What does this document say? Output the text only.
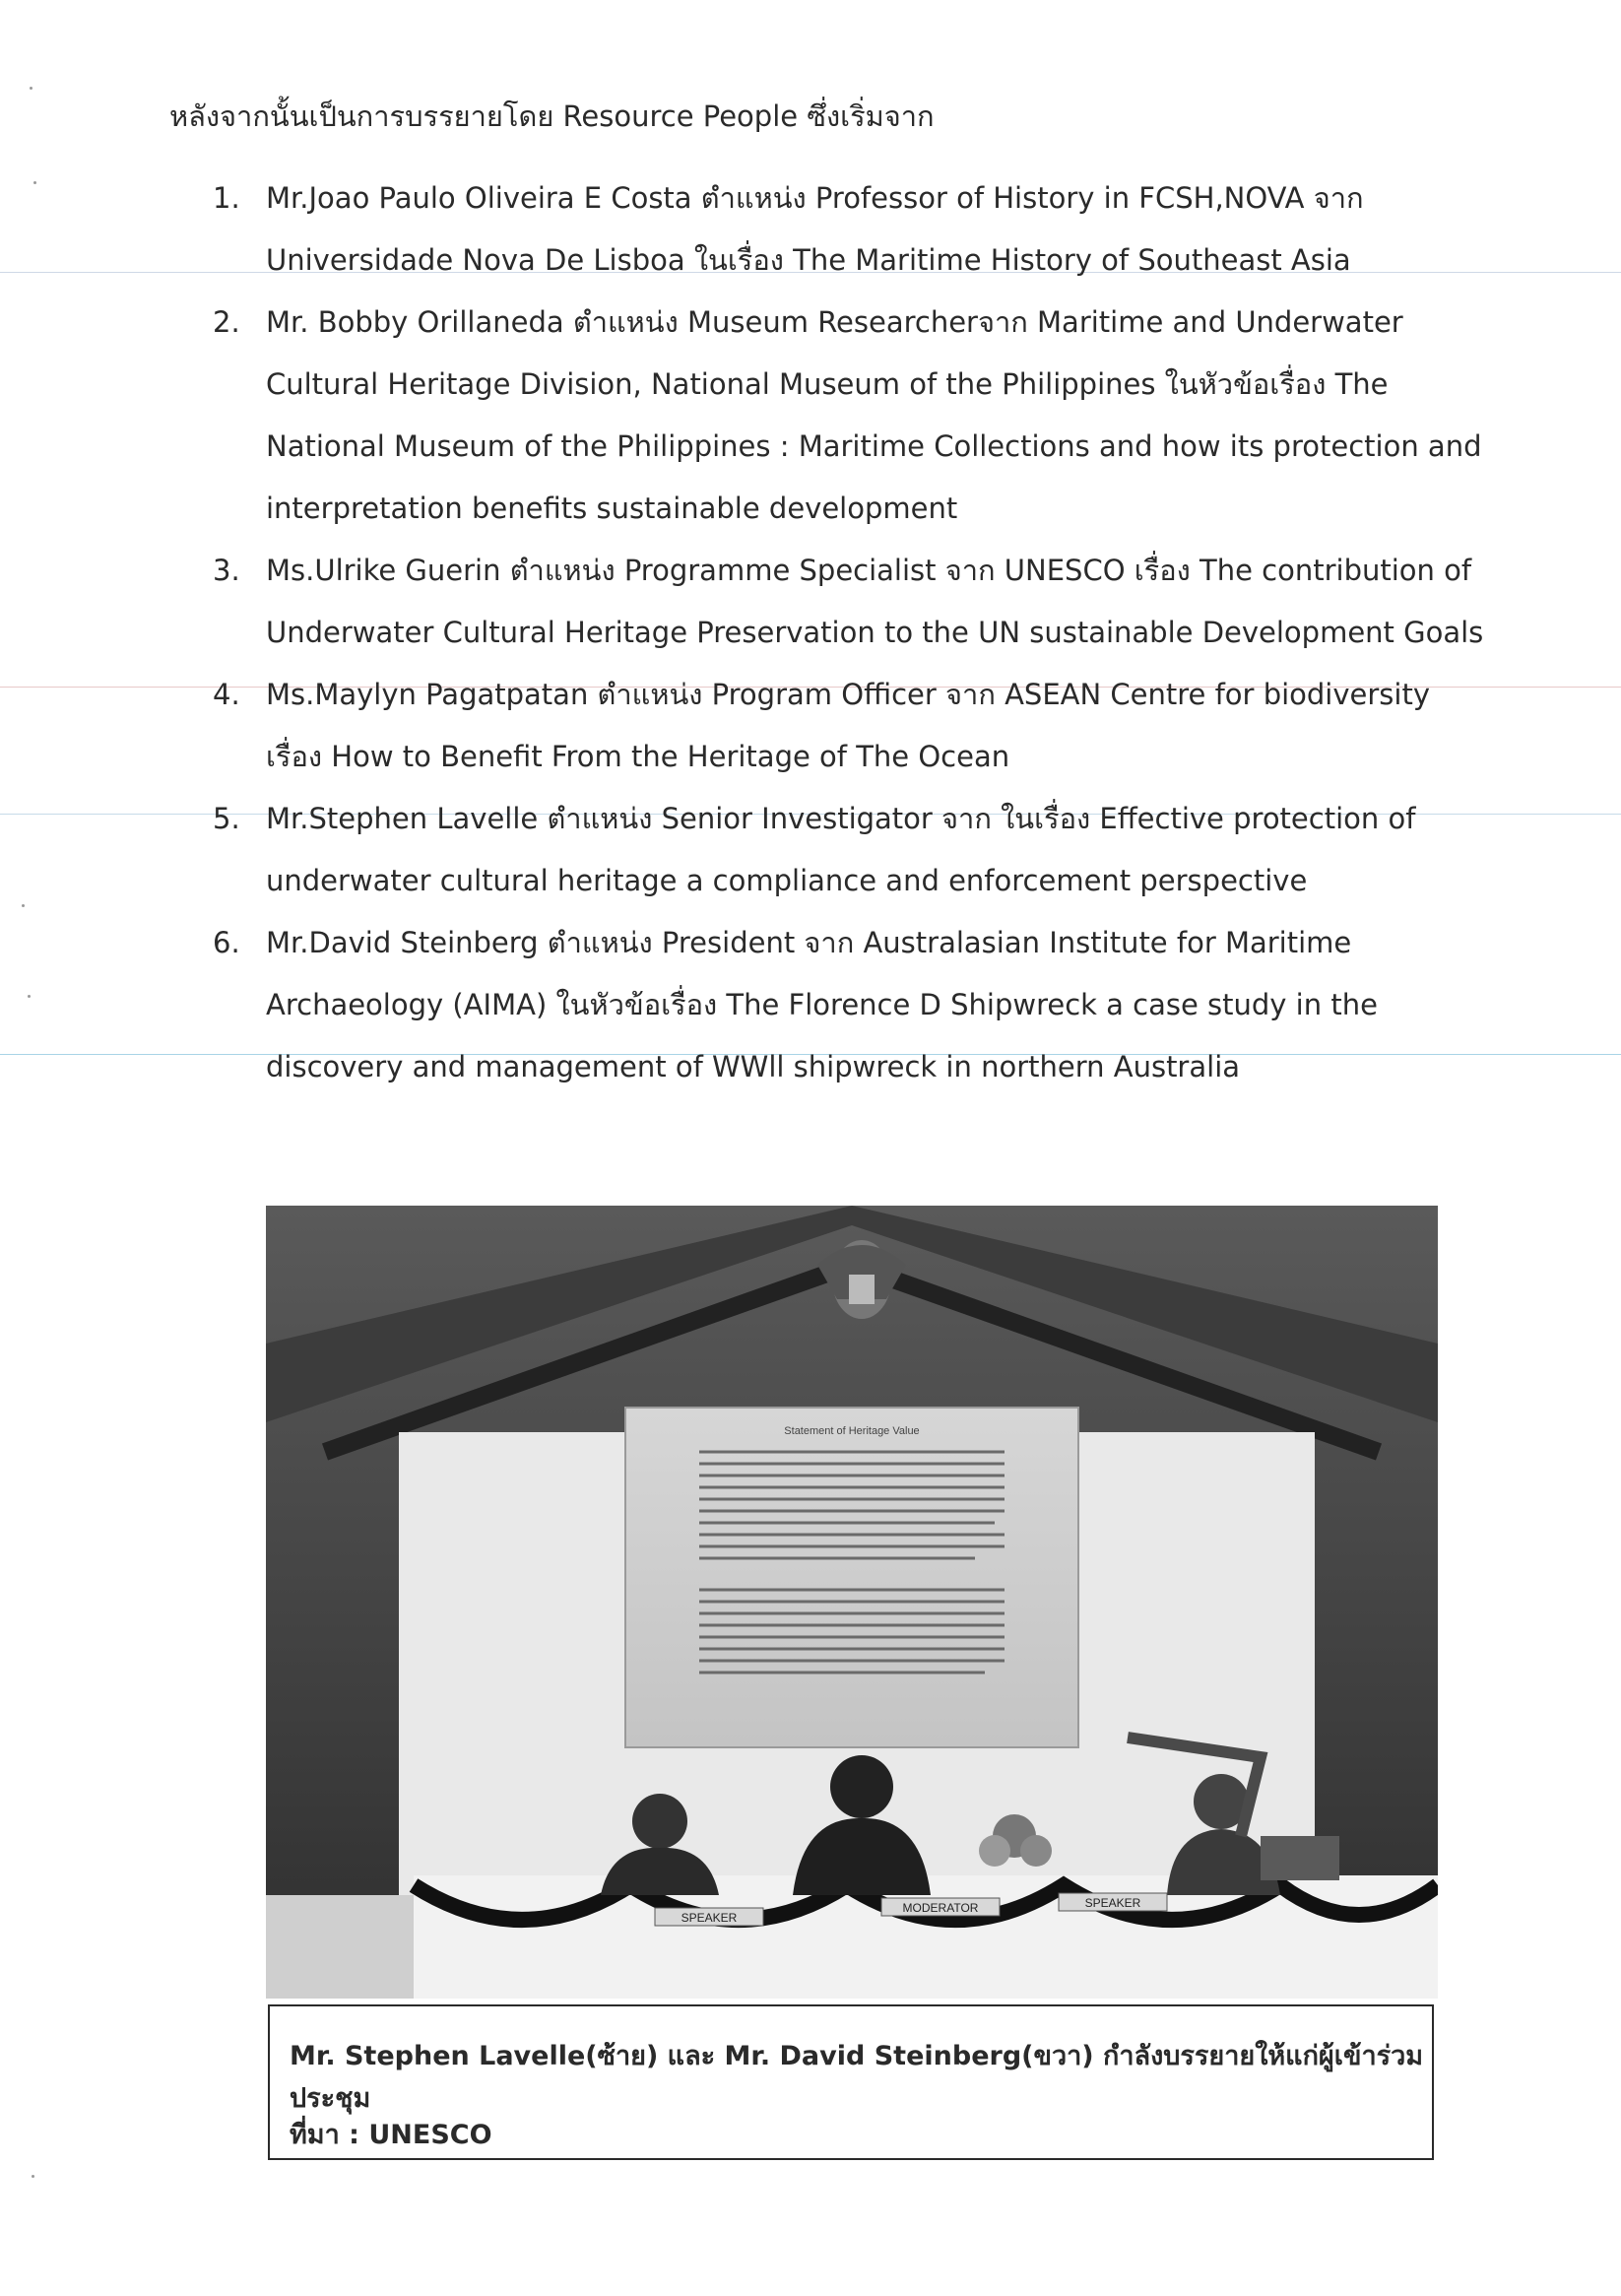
หลังจากนั้นเป็นการบรรยายโดย Resource People ซึ่งเริ่มจาก

1. Mr.Joao Paulo Oliveira E Costa ตำแหน่ง Professor of History in FCSH,NOVA จาก Universidade Nova De Lisboa ในเรื่อง The Maritime History of Southeast Asia
2. Mr. Bobby Orillaneda ตำแหน่ง Museum Researcherจาก Maritime and Underwater Cultural Heritage Division, National Museum of the Philippines ในหัวข้อเรื่อง The National Museum of the Philippines : Maritime Collections and how its protection and interpretation benefits sustainable development
3. Ms.Ulrike Guerin ตำแหน่ง Programme Specialist จาก UNESCO เรื่อง The contribution of Underwater Cultural Heritage Preservation to the UN sustainable Development Goals
4. Ms.Maylyn Pagatpatan ตำแหน่ง Program Officer จาก ASEAN Centre for biodiversity เรื่อง How to Benefit From the Heritage of The Ocean
5. Mr.Stephen Lavelle ตำแหน่ง Senior Investigator จาก ในเรื่อง Effective protection of underwater cultural heritage a compliance and enforcement perspective
6. Mr.David Steinberg ตำแหน่ง President จาก Australasian Institute for Maritime Archaeology (AIMA) ในหัวข้อเรื่อง The Florence D Shipwreck a case study in the discovery and management of WWll shipwreck in northern Australia
Statement of Heritage Value
SPEAKER
MODERATOR	SPEAKER
Mr. Stephen Lavelle(ซ้าย) และ Mr. David Steinberg(ขวา) กำลังบรรยายให้แก่ผู้เข้าร่วมประชุม
ที่มา : UNESCO
